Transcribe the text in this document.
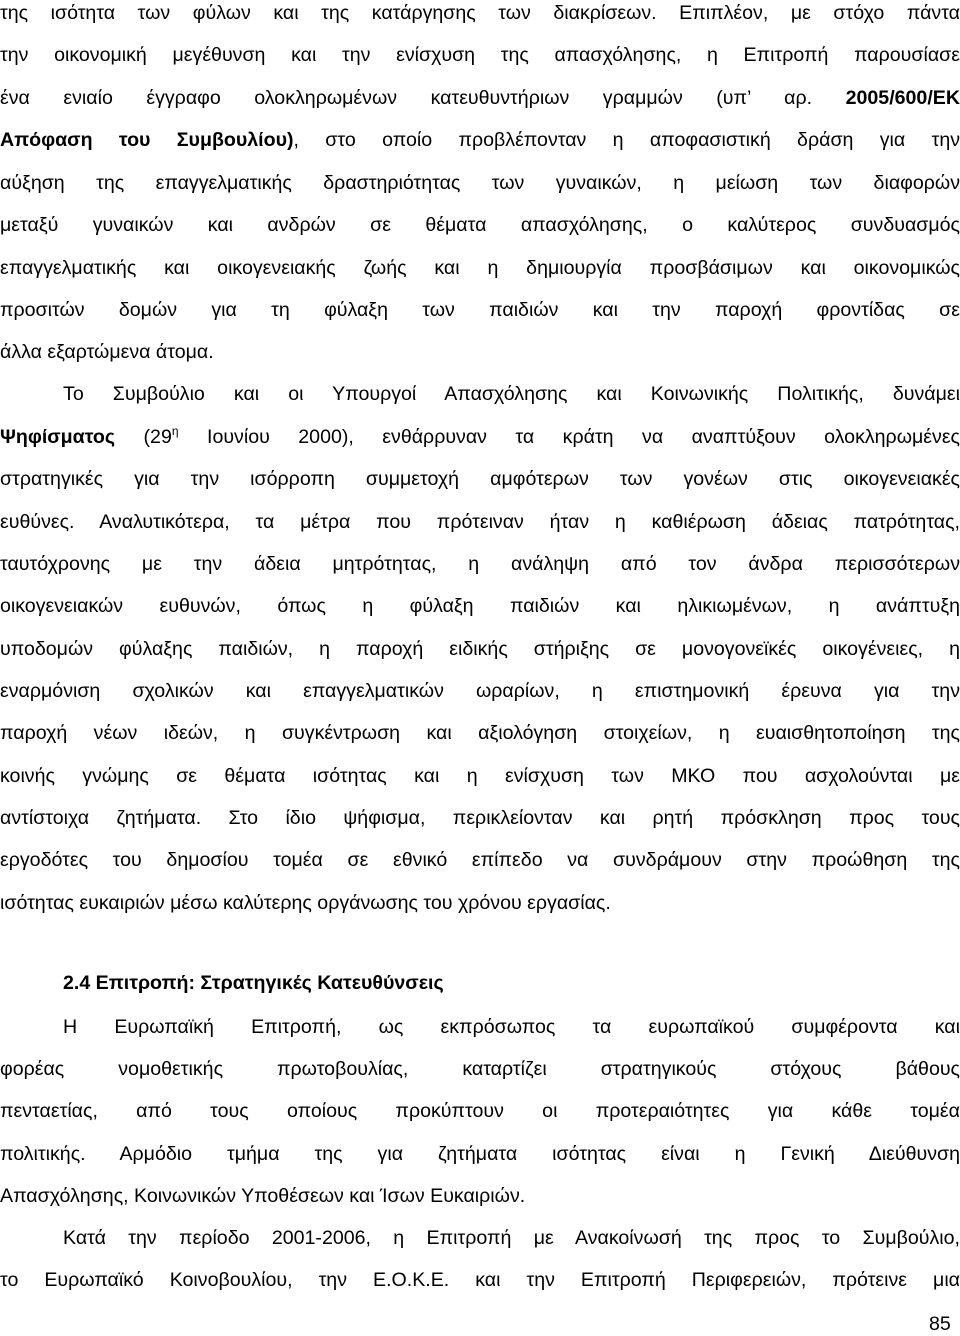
της ισότητα των φύλων και της κατάργησης των διακρίσεων. Επιπλέον, με στόχο πάντα
την οικονομική μεγέθυνση και την ενίσχυση της απασχόλησης, η Επιτροπή παρουσίασε
ένα ενιαίο έγγραφο ολοκληρωμένων κατευθυντήριων γραμμών (υπ’ αρ. 2005/600/ΕΚ
Απόφαση του Συμβουλίου), στο οποίο προβλέπονταν η αποφασιστική δράση για την
αύξηση της επαγγελματικής δραστηριότητας των γυναικών, η μείωση των διαφορών
μεταξύ γυναικών και ανδρών σε θέματα απασχόλησης, ο καλύτερος συνδυασμός
επαγγελματικής και οικογενειακής ζωής και η δημιουργία προσβάσιμων και οικονομικώς
προσιτών δομών για τη φύλαξη των παιδιών και την παροχή φροντίδας σε
άλλα εξαρτώμενα άτομα.
Το Συμβούλιο και οι Υπουργοί Απασχόλησης και Κοινωνικής Πολιτικής, δυνάμει
Ψηφίσματος ($29^\eta$ Ιουνίου 2000), ενθάρρυναν τα κράτη να αναπτύξουν ολοκληρωμένες
στρατηγικές για την ισόρροπη συμμετοχή αμφότερων των γονέων στις οικογενειακές
ευθύνες. Αναλυτικότερα, τα μέτρα που πρότειναν ήταν η καθιέρωση άδειας πατρότητας,
ταυτόχρονης με την άδεια μητρότητας, η ανάληψη από τον άνδρα περισσότερων
οικογενειακών ευθυνών, όπως η φύλαξη παιδιών και ηλικιωμένων, η ανάπτυξη
υποδομών φύλαξης παιδιών, η παροχή ειδικής στήριξης σε μονογονεϊκές οικογένειες, η
εναρμόνιση σχολικών και επαγγελματικών ωραρίων, η επιστημονική έρευνα για την
παροχή νέων ιδεών, η συγκέντρωση και αξιολόγηση στοιχείων, η ευαισθητοποίηση της
κοινής γνώμης σε θέματα ισότητας και η ενίσχυση των ΜΚΟ που ασχολούνται με
αντίστοιχα ζητήματα. Στο ίδιο ψήφισμα, περικλείονταν και ρητή πρόσκληση προς τους
εργοδότες του δημοσίου τομέα σε εθνικό επίπεδο να συνδράμουν στην προώθηση της
ισότητας ευκαιριών μέσω καλύτερης οργάνωσης του χρόνου εργασίας.
2.4 Επιτροπή: Στρατηγικές Κατευθύνσεις
Η Ευρωπαϊκή Επιτροπή, ως εκπρόσωπος τα ευρωπαϊκού συμφέροντα και
φορέας νομοθετικής πρωτοβουλίας, καταρτίζει στρατηγικούς στόχους βάθους
πενταετίας, από τους οποίους προκύπτουν οι προτεραιότητες για κάθε τομέα
πολιτικής. Αρμόδιο τμήμα της για ζητήματα ισότητας είναι η Γενική Διεύθυνση
Απασχόλησης, Κοινωνικών Υποθέσεων και Ίσων Ευκαιριών.
Κατά την περίοδο 2001-2006, η Επιτροπή με Ανακοίνωσή της προς το Συμβούλιο,
το Ευρωπαϊκό Κοινοβουλίου, την Ε.Ο.Κ.Ε. και την Επιτροπή Περιφερειών, πρότεινε μια
85
